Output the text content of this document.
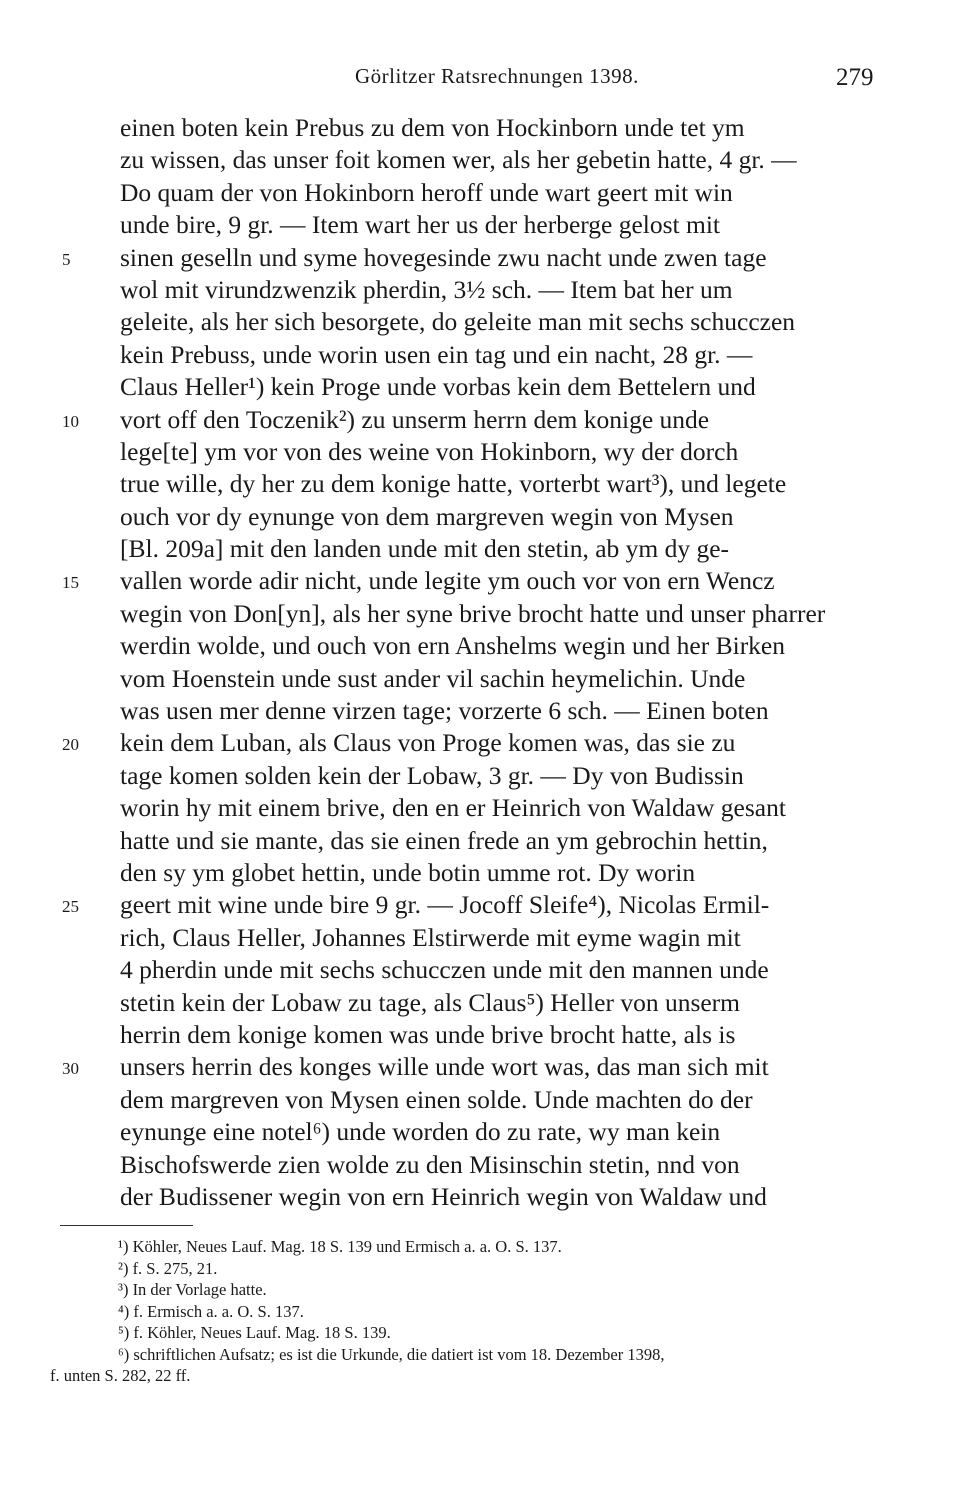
Görlitzer Ratsrechnungen 1398.	279
einen boten kein Prebus zu dem von Hockinborn unde tet ym
zu wissen, das unser foit komen wer, als her gebetin hatte, 4 gr. —
Do quam der von Hokinborn heroff unde wart geert mit win
unde bire, 9 gr. — Item wart her us der herberge gelost mit
5 sinen geselln und syme hovegesinde zwu nacht unde zwen tage
wol mit virundzwenzik pherdin, 3½ sch. — Item bat her um
geleite, als her sich besorgete, do geleite man mit sechs schucczen
kein Prebuss, unde worin usen ein tag und ein nacht, 28 gr. —
Claus Heller¹) kein Proge unde vorbas kein dem Bettelern und
10 vort off den Toczenik²) zu unserm herrn dem konige unde
lege[te] ym vor von des weine von Hokinborn, wy der dorch
true wille, dy her zu dem konige hatte, vorterbt wart³), und legete
ouch vor dy eynunge von dem margreven wegin von Mysen
[Bl. 209a] mit den landen unde mit den stetin, ab ym dy ge-
15 vallen worde adir nicht, unde legite ym ouch vor von ern Wencz
wegin von Don[yn], als her syne brive brocht hatte und unser pharrer
werdin wolde, und ouch von ern Anshelms wegin und her Birken
vom Hoenstein unde sust ander vil sachin heymelichin. Unde
was usen mer denne virzen tage; vorzerte 6 sch. — Einen boten
20 kein dem Luban, als Claus von Proge komen was, das sie zu
tage komen solden kein der Lobaw, 3 gr. — Dy von Budissin
worin hy mit einem brive, den en er Heinrich von Waldaw gesant
hatte und sie mante, das sie einen frede an ym gebrochin hettin,
den sy ym globet hettin, unde botin umme rot. Dy worin
25 geert mit wine unde bire 9 gr. — Jocoff Sleife⁴), Nicolas Ermil-
rich, Claus Heller, Johannes Elstirwerde mit eyme wagin mit
4 pherdin unde mit sechs schucczen unde mit den mannen unde
stetin kein der Lobaw zu tage, als Claus⁵) Heller von unserm
herrin dem konige komen was unde brive brocht hatte, als is
30 unsers herrin des konges wille unde wort was, das man sich mit
dem margreven von Mysen einen solde. Unde machten do der
eynunge eine notel⁶) unde worden do zu rate, wy man kein
Bischofswerde zien wolde zu den Misinschin stetin, nnd von
der Budissener wegin von ern Heinrich wegin von Waldaw und
¹) Köhler, Neues Lauf. Mag. 18 S. 139 und Ermisch a. a. O. S. 137.
²) f. S. 275, 21.
³) In der Vorlage hatte.
⁴) f. Ermisch a. a. O. S. 137.
⁵) f. Köhler, Neues Lauf. Mag. 18 S. 139.
⁶) schriftlichen Aufsatz; es ist die Urkunde, die datiert ist vom 18. Dezember 1398,
f. unten S. 282, 22 ff.
